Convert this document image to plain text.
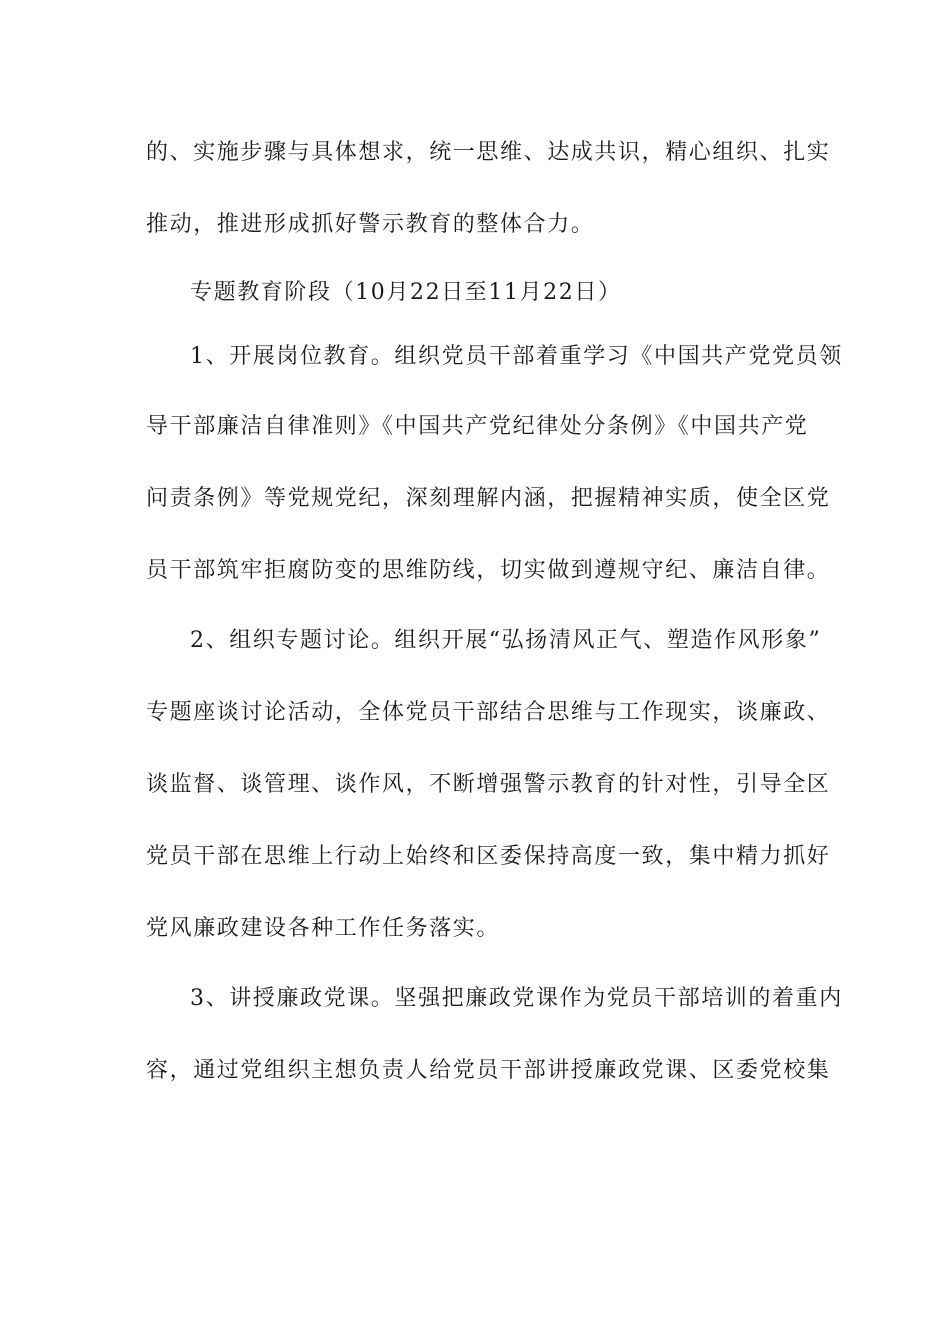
的、实施步骤与具体想求，统一思维、达成共识，精心组织、扎实
推动，推进形成抓好警示教育的整体合力。
专题教育阶段（10月22日至11月22日）
1、开展岗位教育。组织党员干部着重学习《中国共产党党员领
导干部廉洁自律准则》《中国共产党纪律处分条例》《中国共产党
问责条例》等党规党纪，深刻理解内涵，把握精神实质，使全区党
员干部筑牢拒腐防变的思维防线，切实做到遵规守纪、廉洁自律。
2、组织专题讨论。组织开展“弘扬清风正气、塑造作风形象”
专题座谈讨论活动，全体党员干部结合思维与工作现实，谈廉政、
谈监督、谈管理、谈作风，不断增强警示教育的针对性，引导全区
党员干部在思维上行动上始终和区委保持高度一致，集中精力抓好
党风廉政建设各种工作任务落实。
3、讲授廉政党课。坚强把廉政党课作为党员干部培训的着重内
容，通过党组织主想负责人给党员干部讲授廉政党课、区委党校集
